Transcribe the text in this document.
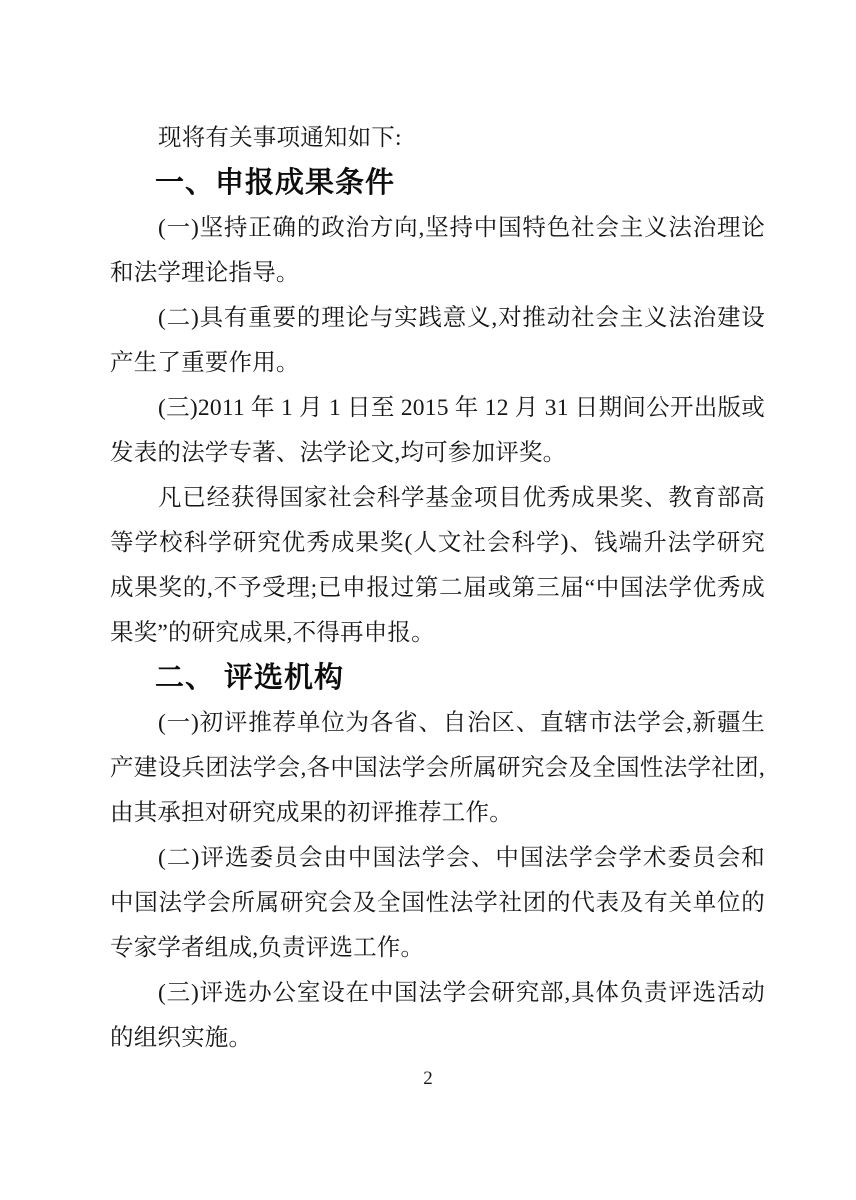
现将有关事项通知如下:

一、申报成果条件

(一)坚持正确的政治方向,坚持中国特色社会主义法治理论和法学理论指导。

(二)具有重要的理论与实践意义,对推动社会主义法治建设产生了重要作用。

(三)2011 年 1 月 1 日至 2015 年 12 月 31 日期间公开出版或发表的法学专著、法学论文,均可参加评奖。

凡已经获得国家社会科学基金项目优秀成果奖、教育部高等学校科学研究优秀成果奖(人文社会科学)、钱端升法学研究成果奖的,不予受理;已申报过第二届或第三届“中国法学优秀成果奖”的研究成果,不得再申报。

二、 评选机构

(一)初评推荐单位为各省、自治区、直辖市法学会,新疆生产建设兵团法学会,各中国法学会所属研究会及全国性法学社团,由其承担对研究成果的初评推荐工作。

(二)评选委员会由中国法学会、中国法学会学术委员会和中国法学会所属研究会及全国性法学社团的代表及有关单位的专家学者组成,负责评选工作。

(三)评选办公室设在中国法学会研究部,具体负责评选活动的组织实施。

2
